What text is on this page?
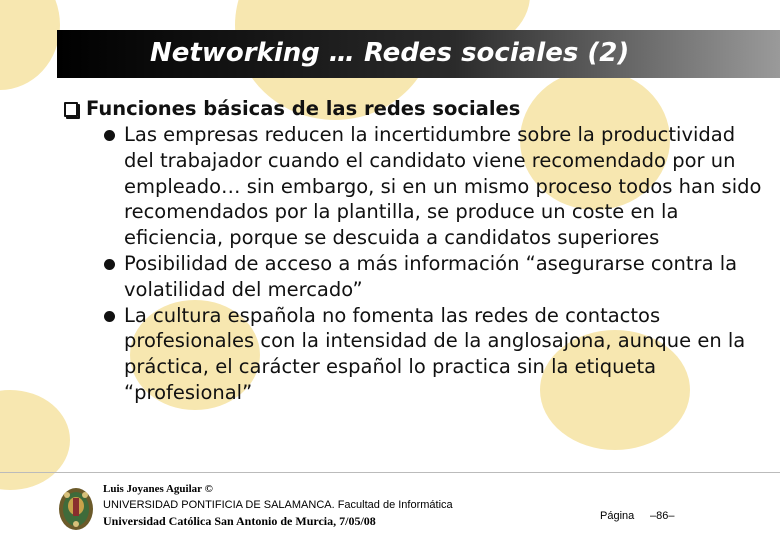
Networking … Redes sociales (2)
Funciones básicas de las redes sociales
Las empresas reducen la incertidumbre sobre la productividad del trabajador cuando el candidato viene recomendado por un empleado… sin embargo, si en un mismo proceso todos han sido recomendados por la plantilla, se produce un coste en la eficiencia, porque se descuida a candidatos superiores
Posibilidad de acceso a más información “asegurarse contra la volatilidad del mercado”
La cultura española no fomenta las redes de contactos profesionales con la intensidad de la anglosajona, aunque en la práctica, el carácter español lo practica sin la etiqueta “profesional”
Luis Joyanes Aguilar ©
UNIVERSIDAD PONTIFICIA DE SALAMANCA. Facultad de Informática
Universidad Católica San Antonio de Murcia, 7/05/08	Página –86–
